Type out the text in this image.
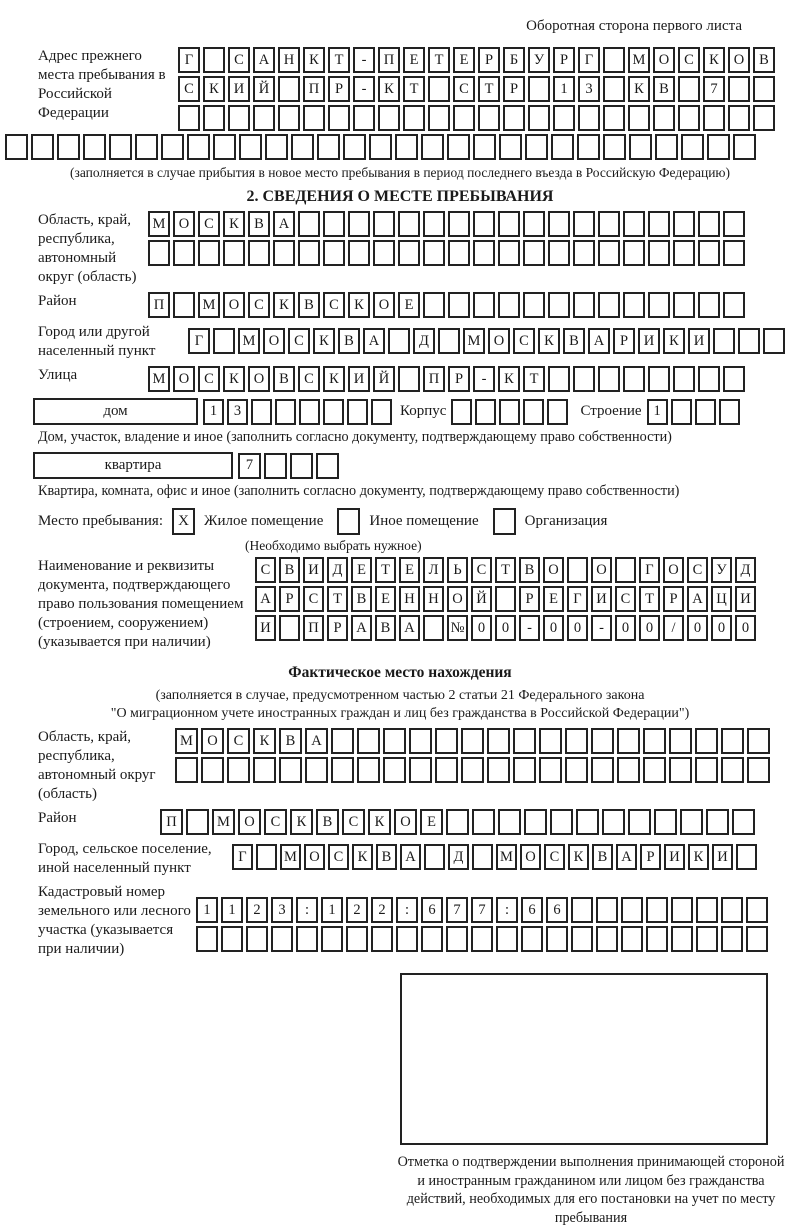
Оборотная сторона первого листа
Адрес прежнего места пребывания в Российской Федерации
Г	С	А	Н	К	Т	-	П	Е	Т	Е	Р	Б	У	Р	Г	М О	С	К	О	В
С	К	И	Й	П	Р	-	К	Т	С	Т	Р	1	3	К	В	7
(заполняется в случае прибытия в новое место пребывания в период последнего въезда в Российскую Федерацию)
2. СВЕДЕНИЯ О МЕСТЕ ПРЕБЫВАНИЯ
Область, край, республика, автономный округ (область)
М О	С	К	В	А
Район	П	М О	С	К	В	С	К	О	Е
Город или другой населенный пункт
Г	М О	С	К	В	А	Д	М О	С	К	В	А	Р	И	К	И
Улица	М О	С	К	О	В	С	К	И	Й	П	Р	-	К	Т
дом	1	3	Корпус	Строение 1
Дом, участок, владение и иное (заполнить согласно документу, подтверждающему право собственности)
квартира	7
Квартира, комната, офис и иное (заполнить согласно документу, подтверждающему право собственности)
Место пребывания:	X	Жилое помещение	Иное помещение	Организация
(Необходимо выбрать нужное)
Наименование и реквизиты документа, подтверждающего право пользования помещением (строением, сооружением) (указывается при наличии)
С В И Д	Е	Т	Е	Л	Ь	С	Т	В О	О	Г	О С У Д
А	Р	С	Т	В	Е Н Н О Й	Р	Е	Г	И С	Т	Р	А Ц И
И	П	Р	А В А	№ 0	0	-	0	0	-	0	0	/	0	0	0
Фактическое место нахождения
(заполняется в случае, предусмотренном частью 2 статьи 21 Федерального закона
"О миграционном учете иностранных граждан и лиц без гражданства в Российской Федерации")
Область, край, республика, автономный округ (область)
М О	С	К	В	А
Район	П	М О	С	К	В	С	К	О	Е
Город, сельское поселение, иной населенный пункт
Г	М О С К В А	Д	М О С К В А	Р	И К И
Кадастровый номер земельного или лесного участка (указывается при наличии)
1	1	2	3	:	1	2	2	:	6	7	7	:	6	6
Отметка о подтверждении выполнения принимающей стороной и иностранным гражданином или лицом без гражданства действий, необходимых для его постановки на учет по месту пребывания
